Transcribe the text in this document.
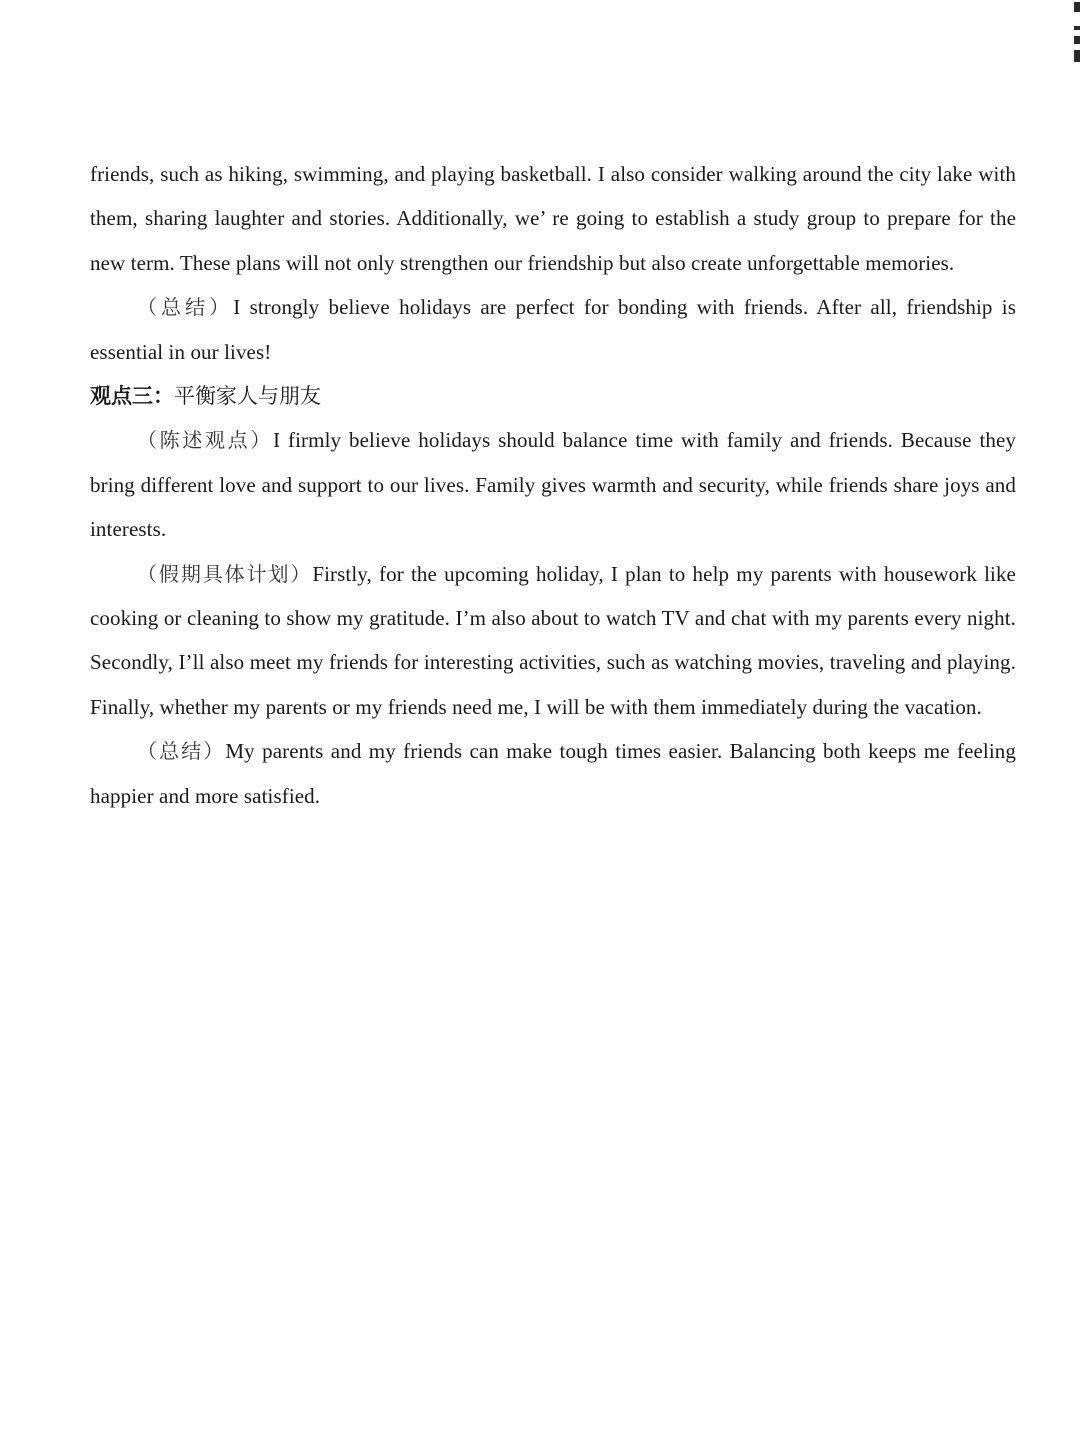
friends, such as hiking, swimming, and playing basketball. I also consider walking around the city lake with them, sharing laughter and stories. Additionally, we’ re going to establish a study group to prepare for the new term. These plans will not only strengthen our friendship but also create unforgettable memories.

（总结）I strongly believe holidays are perfect for bonding with friends. After all, friendship is essential in our lives!

观点三：平衡家人与朋友

（陈述观点）I firmly believe holidays should balance time with family and friends. Because they bring different love and support to our lives. Family gives warmth and security, while friends share joys and interests.

（假期具体计划）Firstly, for the upcoming holiday, I plan to help my parents with housework like cooking or cleaning to show my gratitude. I’m also about to watch TV and chat with my parents every night. Secondly, I’ll also meet my friends for interesting activities, such as watching movies, traveling and playing. Finally, whether my parents or my friends need me, I will be with them immediately during the vacation.

（总结）My parents and my friends can make tough times easier. Balancing both keeps me feeling happier and more satisfied.
